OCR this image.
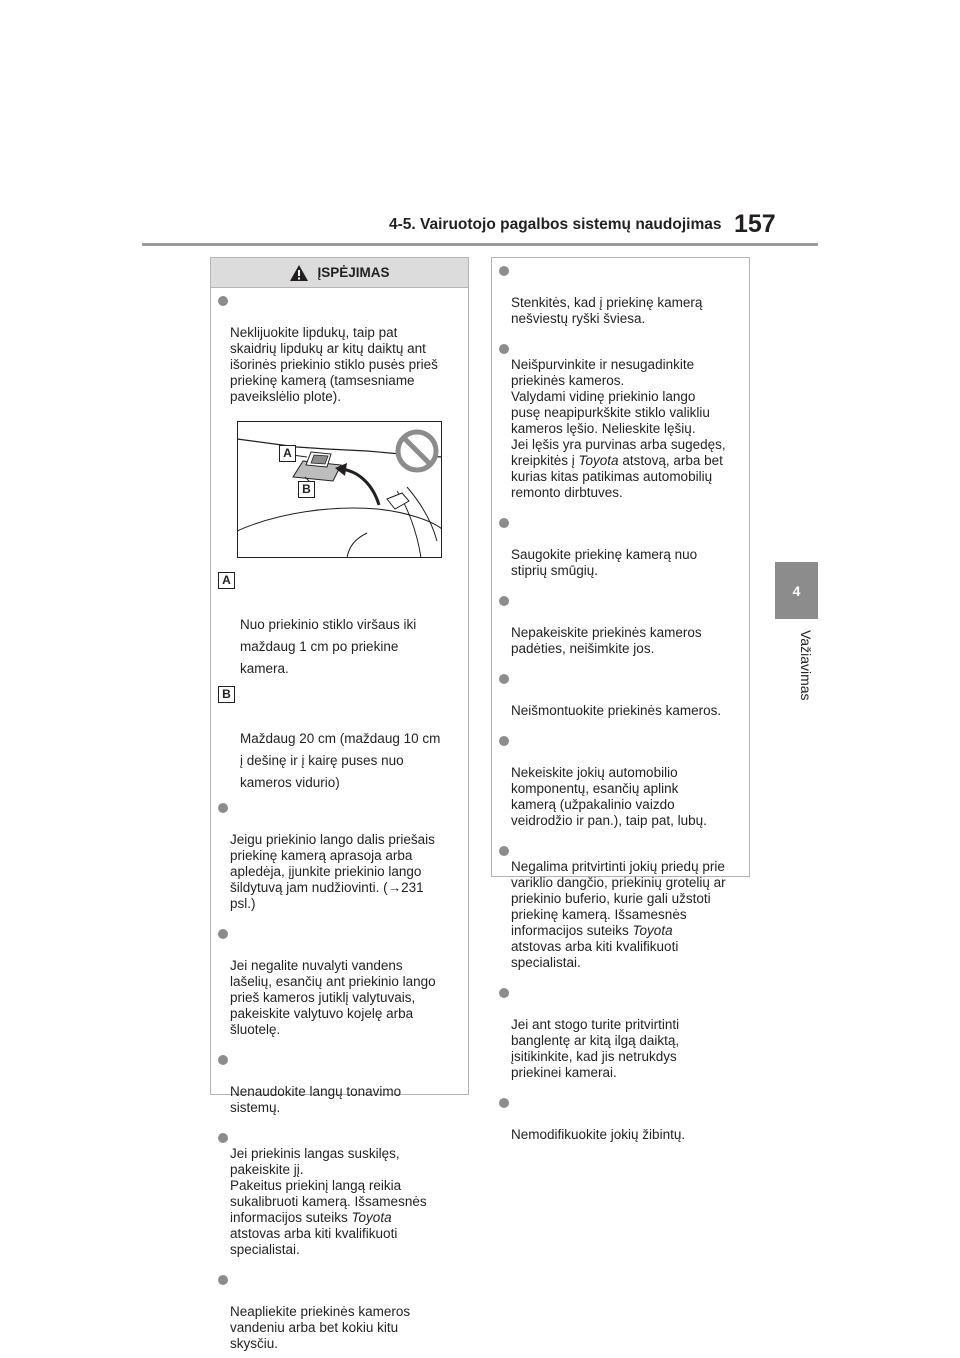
4-5. Vairuotojo pagalbos sistemų naudojimas 157
4
Važiavimas
ĮSPĖJIMAS

Neklijuokite lipdukų, taip pat
skaidrių lipdukų ar kitų daiktų ant
išorinės priekinio stiklo pusės prieš
priekinę kamerą (tamsesniame
paveikslėlio plote).

A
B

A

Nuo priekinio stiklo viršaus iki
maždaug 1 cm po priekine
kamera.

B

Maždaug 20 cm (maždaug 10 cm
į dešinę ir į kairę puses nuo
kameros vidurio)

Jeigu priekinio lango dalis priešais
priekinę kamerą aprasoja arba
apledėja, įjunkite priekinio lango
šildytuvą jam nudžiovinti. (→231
psl.)

Jei negalite nuvalyti vandens
lašelių, esančių ant priekinio lango
prieš kameros jutiklį valytuvais,
pakeiskite valytuvo kojelę arba
šluotelę.

Nenaudokite langų tonavimo
sistemų.

Jei priekinis langas suskilęs,
pakeiskite jį.
Pakeitus priekinį langą reikia
sukalibruoti kamerą. Išsamesnės
informacijos suteiks Toyota
atstovas arba kiti kvalifikuoti
specialistai.

Neapliekite priekinės kameros
vandeniu arba bet kokiu kitu
skysčiu.

Stenkitės, kad į priekinę kamerą
nešviestų ryški šviesa.

Neišpurvinkite ir nesugadinkite
priekinės kameros.
Valydami vidinę priekinio lango
pusę neapipurkškite stiklo valikliu
kameros lęšio. Nelieskite lęšių.
Jei lęšis yra purvinas arba sugedęs,
kreipkitės į Toyota atstovą, arba bet
kurias kitas patikimas automobilių
remonto dirbtuves.

Saugokite priekinę kamerą nuo
stiprių smūgių.

Nepakeiskite priekinės kameros
padėties, neišimkite jos.

Neišmontuokite priekinės kameros.

Nekeiskite jokių automobilio
komponentų, esančių aplink
kamerą (užpakalinio vaizdo
veidrodžio ir pan.), taip pat, lubų.

Negalima pritvirtinti jokių priedų prie
variklio dangčio, priekinių grotelių ar
priekinio buferio, kurie gali užstoti
priekinę kamerą. Išsamesnės
informacijos suteiks Toyota
atstovas arba kiti kvalifikuoti
specialistai.

Jei ant stogo turite pritvirtinti
banglentę ar kitą ilgą daiktą,
įsitikinkite, kad jis netrukdys
priekinei kamerai.

Nemodifikuokite jokių žibintų.
